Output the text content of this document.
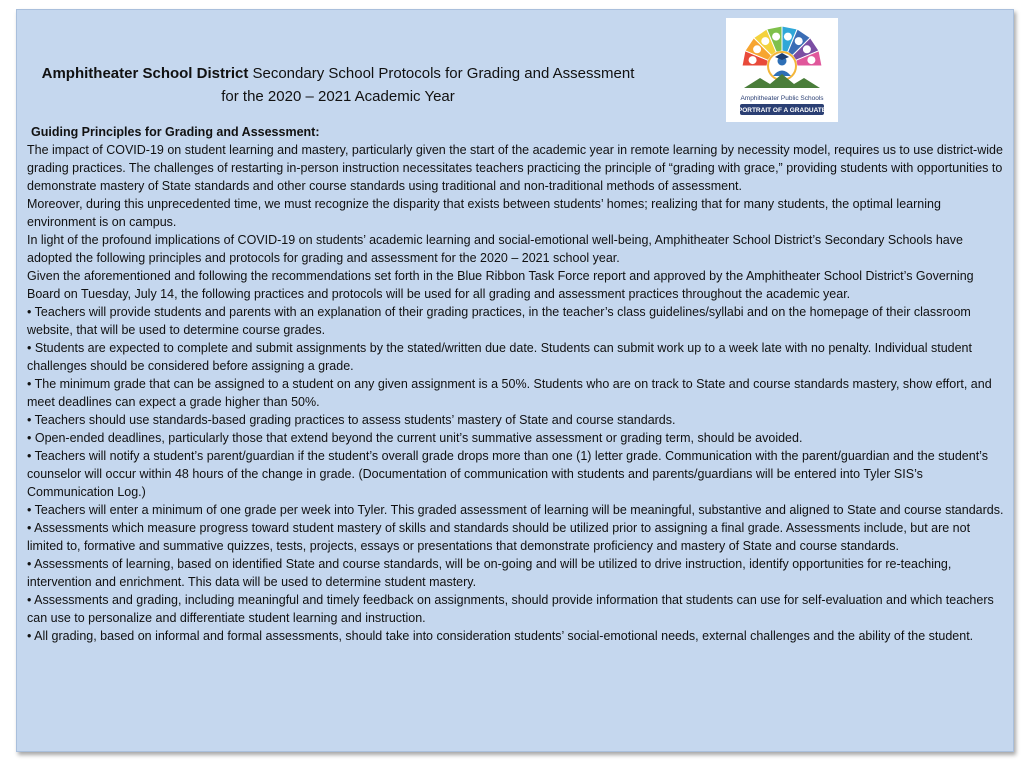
Amphitheater School District Secondary School Protocols for Grading and Assessment
for the 2020 – 2021 Academic Year	Amphitheater Public Schools
PORTRAIT OF A GRADUATE

Guiding Principles for Grading and Assessment:

The impact of COVID-19 on student learning and mastery, particularly given the start of the academic year in remote learning by necessity model, requires us to use district-wide grading practices. The challenges of restarting in-person instruction necessitates teachers practicing the principle of “grading with grace,” providing students with opportunities to demonstrate mastery of State standards and other course standards using traditional and non-traditional methods of assessment.

Moreover, during this unprecedented time, we must recognize the disparity that exists between students’ homes; realizing that for many students, the optimal learning environment is on campus.

In light of the profound implications of COVID-19 on students’ academic learning and social-emotional well-being, Amphitheater School District’s Secondary Schools have adopted the following principles and protocols for grading and assessment for the 2020 – 2021 school year.

Given the aforementioned and following the recommendations set forth in the Blue Ribbon Task Force report and approved by the Amphitheater School District’s Governing Board on Tuesday, July 14, the following practices and protocols will be used for all grading and assessment practices throughout the academic year.

• Teachers will provide students and parents with an explanation of their grading practices, in the teacher’s class guidelines/syllabi and on the homepage of their classroom website, that will be used to determine course grades.

• Students are expected to complete and submit assignments by the stated/written due date. Students can submit work up to a week late with no penalty. Individual student challenges should be considered before assigning a grade.

• The minimum grade that can be assigned to a student on any given assignment is a 50%. Students who are on track to State and course standards mastery, show effort, and meet deadlines can expect a grade higher than 50%.

• Teachers should use standards-based grading practices to assess students’ mastery of State and course standards.

• Open-ended deadlines, particularly those that extend beyond the current unit’s summative assessment or grading term, should be avoided.

• Teachers will notify a student’s parent/guardian if the student’s overall grade drops more than one (1) letter grade. Communication with the parent/guardian and the student’s counselor will occur within 48 hours of the change in grade. (Documentation of communication with students and parents/guardians will be entered into Tyler SIS’s Communication Log.)

• Teachers will enter a minimum of one grade per week into Tyler. This graded assessment of learning will be meaningful, substantive and aligned to State and course standards.

• Assessments which measure progress toward student mastery of skills and standards should be utilized prior to assigning a final grade. Assessments include, but are not limited to, formative and summative quizzes, tests, projects, essays or presentations that demonstrate proficiency and mastery of State and course standards.

• Assessments of learning, based on identified State and course standards, will be on-going and will be utilized to drive instruction, identify opportunities for re-teaching, intervention and enrichment. This data will be used to determine student mastery.

• Assessments and grading, including meaningful and timely feedback on assignments, should provide information that students can use for self-evaluation and which teachers can use to personalize and differentiate student learning and instruction.

• All grading, based on informal and formal assessments, should take into consideration students’ social-emotional needs, external challenges and the ability of the student.
